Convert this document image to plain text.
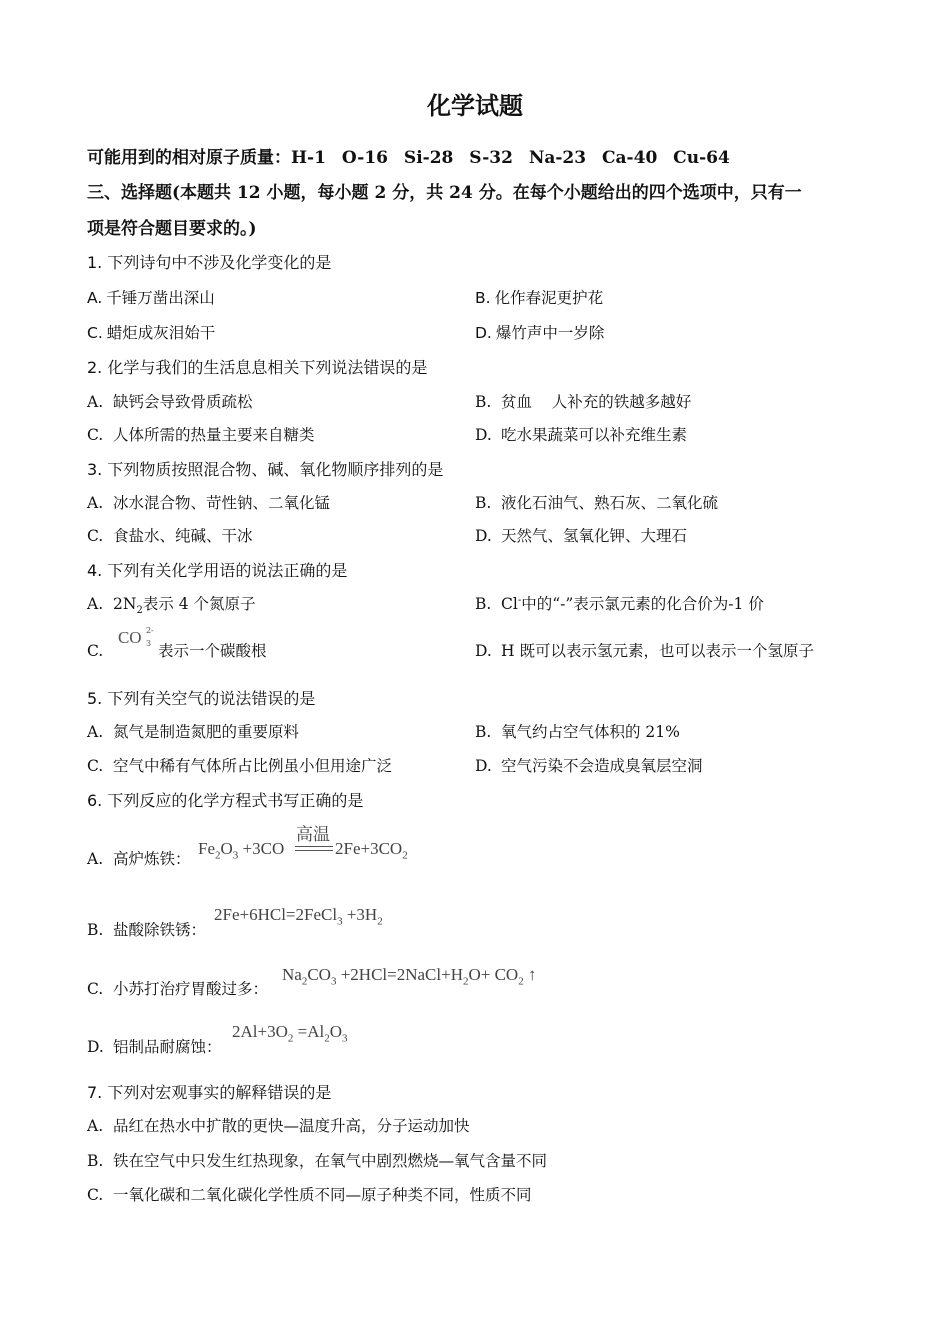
化学试题
可能用到的相对原子质量：H-1 O-16 Si-28 S-32 Na-23 Ca-40 Cu-64
三、选择题(本题共 12 小题，每小题 2 分，共 24 分。在每个小题给出的四个选项中，只有一
项是符合题目要求的。)
1. 下列诗句中不涉及化学变化的是
A. 千锤万凿出深山	B. 化作春泥更护花
C. 蜡炬成灰泪始干	D. 爆竹声中一岁除
2. 化学与我们的生活息息相关下列说法错误的是
A. 缺钙会导致骨质疏松	B. 贫血    人补充的铁越多越好
C. 人体所需的热量主要来自糖类	D. 吃水果蔬菜可以补充维生素
3. 下列物质按照混合物、碱、氧化物顺序排列的是
A. 冰水混合物、苛性钠、二氧化锰	B. 液化石油气、熟石灰、二氧化硫
C. 食盐水、纯碱、干冰	D. 天然气、氢氧化钾、大理石
4. 下列有关化学用语的说法正确的是
A. $2N_2$表示 4 个氮原子	B. Cl-中的“-”表示氯元素的化合价为-1 价
C.
CO 2-
3 表示一个碳酸根	D. H 既可以表示氢元素，也可以表示一个氢原子
5. 下列有关空气的说法错误的是
A. 氮气是制造氮肥的重要原料	B. 氧气约占空气体积的 21%
C. 空气中稀有气体所占比例虽小但用途广泛	D. 空气污染不会造成臭氧层空洞
6. 下列反应的化学方程式书写正确的是
A. 高炉炼铁：
高温
$Fe_2O_3 +3CO$	$2Fe+3CO_2$
B. 盐酸除铁锈：
2Fe+6HCl=2FeCl$_3$ $+3H_2$
C. 小苏打治疗胃酸过多：
$Na_2CO_3$ $+2HCl=2NaCl+H_2O+ CO_2$ ↑
D. 铝制品耐腐蚀：
$2Al+3O_2 =Al_2O_3$
7. 下列对宏观事实的解释错误的是
A. 品红在热水中扩散的更快—温度升高，分子运动加快
B. 铁在空气中只发生红热现象，在氧气中剧烈燃烧—氧气含量不同
C. 一氧化碳和二氧化碳化学性质不同—原子种类不同，性质不同
